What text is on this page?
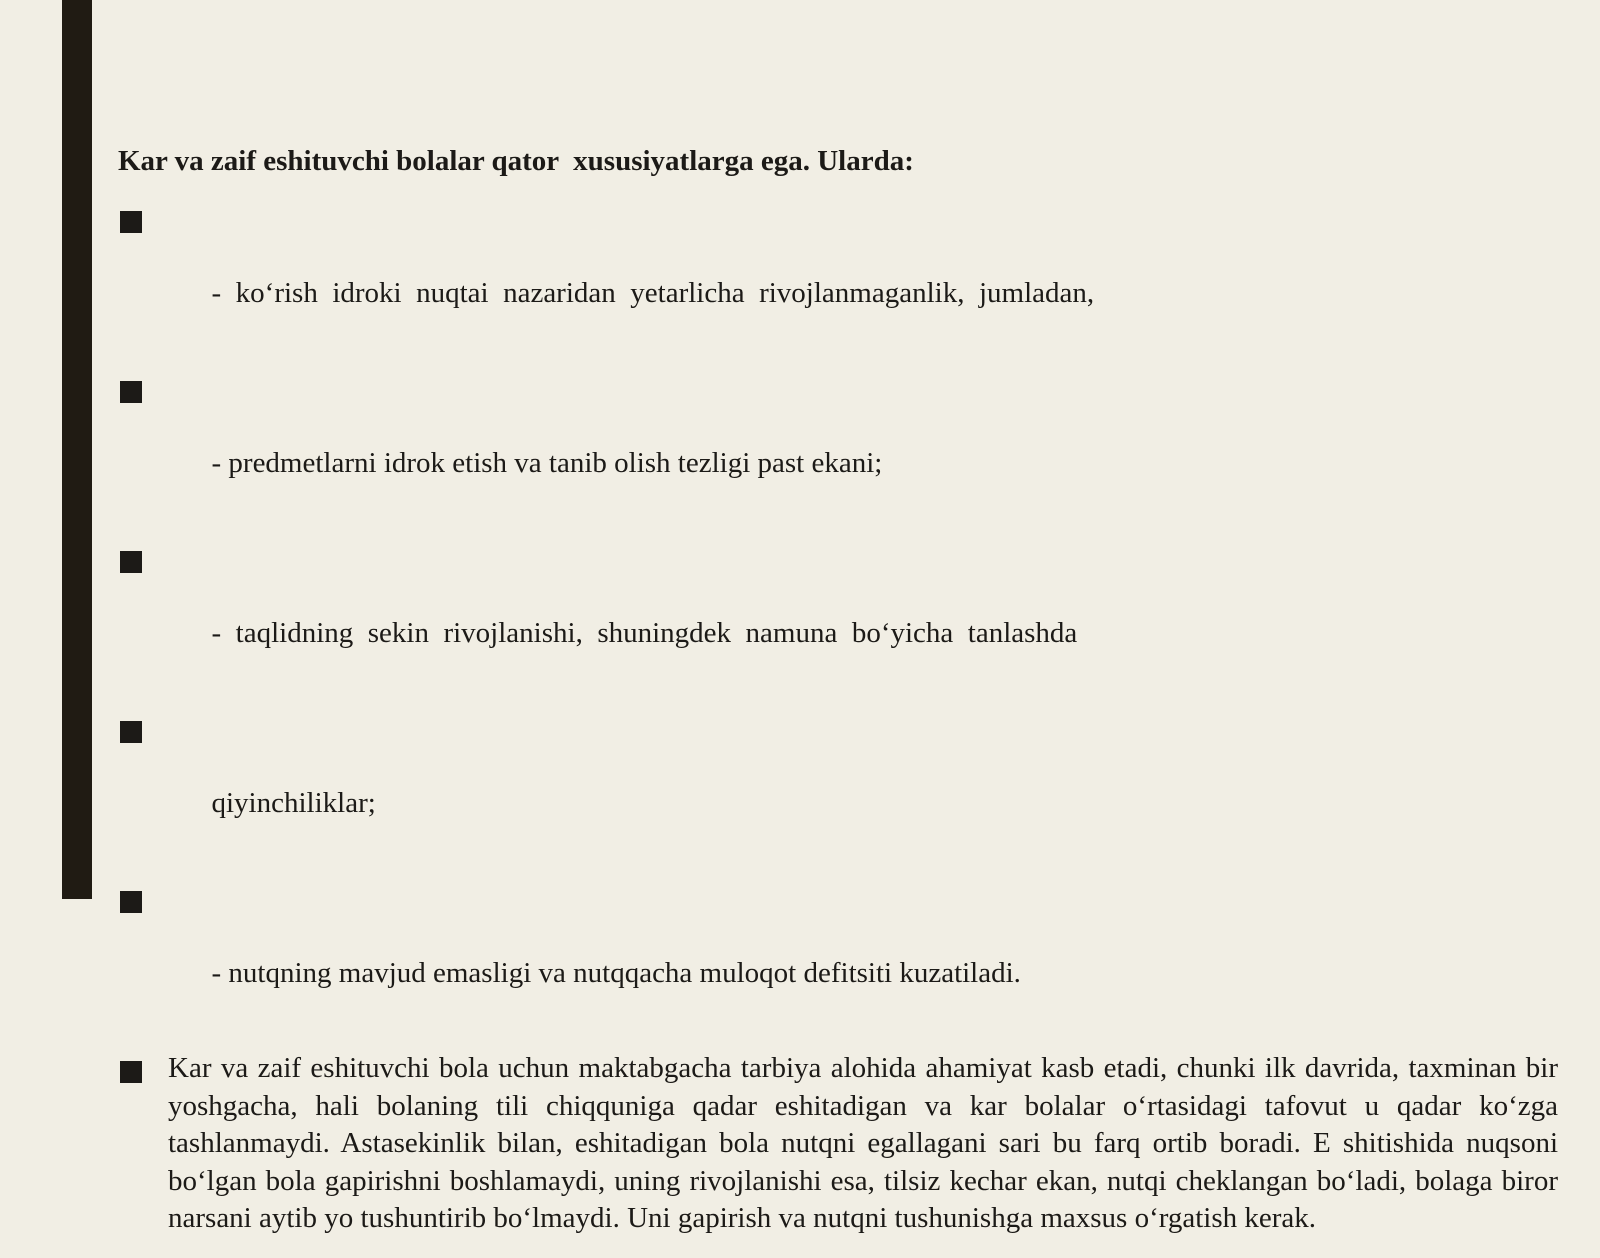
Kar va zaif eshituvchi bolalar qator  xususiyatlarga ega. Ularda:

-  ko‘rish  idroki  nuqtai  nazaridan  yetarlicha  rivojlanmaganlik,  jumladan,

- predmetlarni idrok etish va tanib olish tezligi past ekani;

-  taqlidning  sekin  rivojlanishi,  shuningdek  namuna  bo‘yicha  tanlashda

qiyinchiliklar;

- nutqning mavjud emasligi va nutqqacha muloqot defitsiti kuzatiladi.

Kar va zaif eshituvchi bola uchun maktabgacha tarbiya alohida ahamiyat kasb etadi, chunki ilk davrida, taxminan bir yoshgacha, hali bolaning tili chiqquniga qadar eshitadigan va kar bolalar o‘rtasidagi tafovut u qadar ko‘zga tashlanmaydi. Astasekinlik bilan, eshitadigan bola nutqni egallagani sari bu farq ortib boradi. E shitishida nuqsoni bo‘lgan bola gapirishni boshlamaydi, uning rivojlanishi esa, tilsiz kechar ekan, nutqi cheklangan bo‘ladi, bolaga biror narsani aytib yo tushuntirib bo‘lmaydi. Uni gapirish va nutqni tushunishga maxsus o‘rgatish kerak.
